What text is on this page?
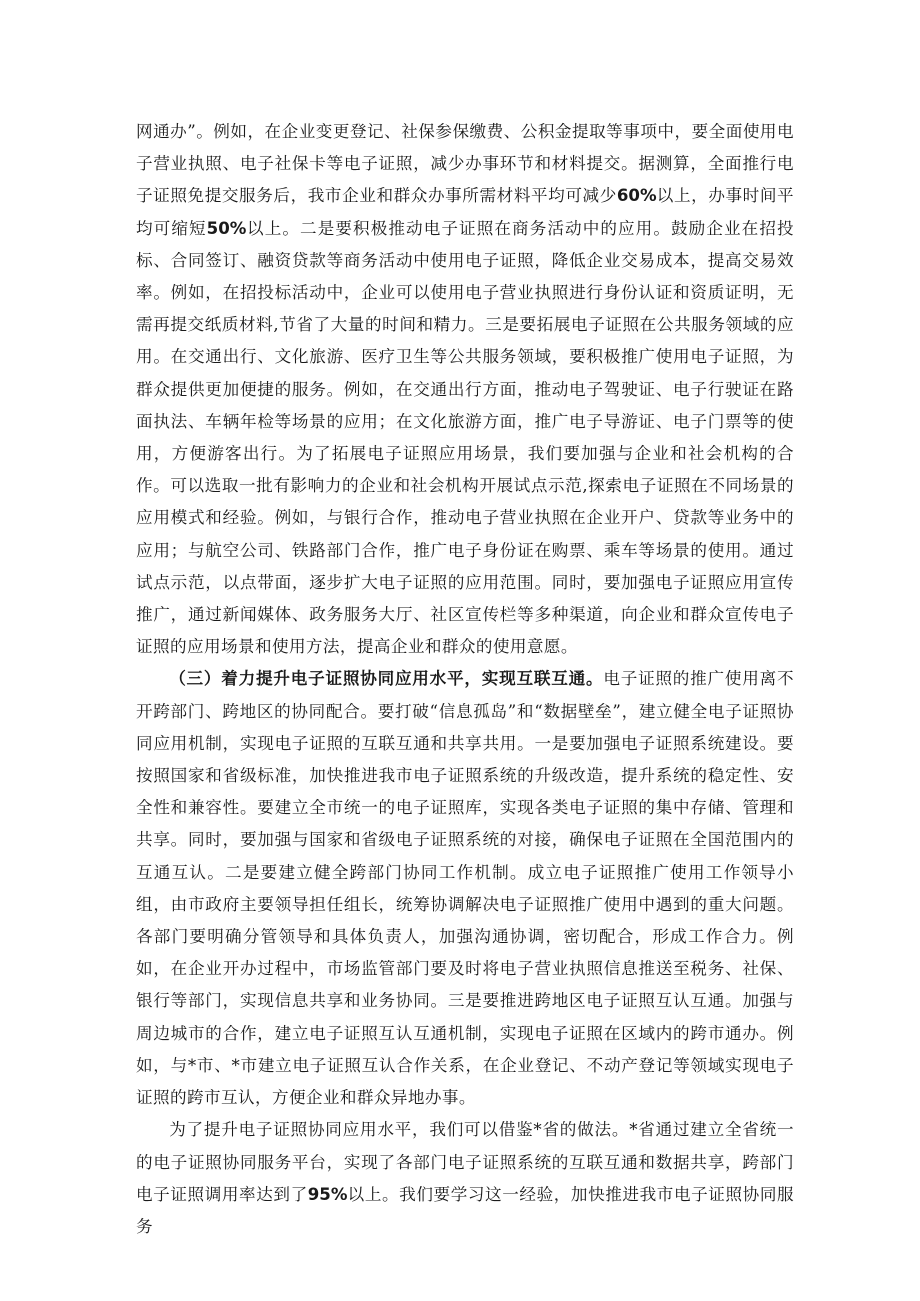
网通办”。例如，在企业变更登记、社保参保缴费、公积金提取等事项中，要全面使用电子营业执照、电子社保卡等电子证照，减少办事环节和材料提交。据测算，全面推行电子证照免提交服务后，我市企业和群众办事所需材料平均可减少60%以上，办事时间平均可缩短50%以上。二是要积极推动电子证照在商务活动中的应用。鼓励企业在招投标、合同签订、融资贷款等商务活动中使用电子证照，降低企业交易成本，提高交易效率。例如，在招投标活动中，企业可以使用电子营业执照进行身份认证和资质证明，无需再提交纸质材料,节省了大量的时间和精力。三是要拓展电子证照在公共服务领域的应用。在交通出行、文化旅游、医疗卫生等公共服务领域，要积极推广使用电子证照，为群众提供更加便捷的服务。例如，在交通出行方面，推动电子驾驶证、电子行驶证在路面执法、车辆年检等场景的应用；在文化旅游方面，推广电子导游证、电子门票等的使用，方便游客出行。为了拓展电子证照应用场景，我们要加强与企业和社会机构的合作。可以选取一批有影响力的企业和社会机构开展试点示范,探索电子证照在不同场景的应用模式和经验。例如，与银行合作，推动电子营业执照在企业开户、贷款等业务中的应用；与航空公司、铁路部门合作，推广电子身份证在购票、乘车等场景的使用。通过试点示范，以点带面，逐步扩大电子证照的应用范围。同时，要加强电子证照应用宣传推广，通过新闻媒体、政务服务大厅、社区宣传栏等多种渠道，向企业和群众宣传电子证照的应用场景和使用方法，提高企业和群众的使用意愿。

（三）着力提升电子证照协同应用水平，实现互联互通。电子证照的推广使用离不开跨部门、跨地区的协同配合。要打破“信息孤岛”和“数据壁垒”，建立健全电子证照协同应用机制，实现电子证照的互联互通和共享共用。一是要加强电子证照系统建设。要按照国家和省级标准，加快推进我市电子证照系统的升级改造，提升系统的稳定性、安全性和兼容性。要建立全市统一的电子证照库，实现各类电子证照的集中存储、管理和共享。同时，要加强与国家和省级电子证照系统的对接，确保电子证照在全国范围内的互通互认。二是要建立健全跨部门协同工作机制。成立电子证照推广使用工作领导小组，由市政府主要领导担任组长，统筹协调解决电子证照推广使用中遇到的重大问题。各部门要明确分管领导和具体负责人，加强沟通协调，密切配合，形成工作合力。例如，在企业开办过程中，市场监管部门要及时将电子营业执照信息推送至税务、社保、银行等部门，实现信息共享和业务协同。三是要推进跨地区电子证照互认互通。加强与周边城市的合作，建立电子证照互认互通机制，实现电子证照在区域内的跨市通办。例如，与*市、*市建立电子证照互认合作关系，在企业登记、不动产登记等领域实现电子证照的跨市互认，方便企业和群众异地办事。

为了提升电子证照协同应用水平，我们可以借鉴*省的做法。*省通过建立全省统一的电子证照协同服务平台，实现了各部门电子证照系统的互联互通和数据共享，跨部门电子证照调用率达到了95%以上。我们要学习这一经验，加快推进我市电子证照协同服务
